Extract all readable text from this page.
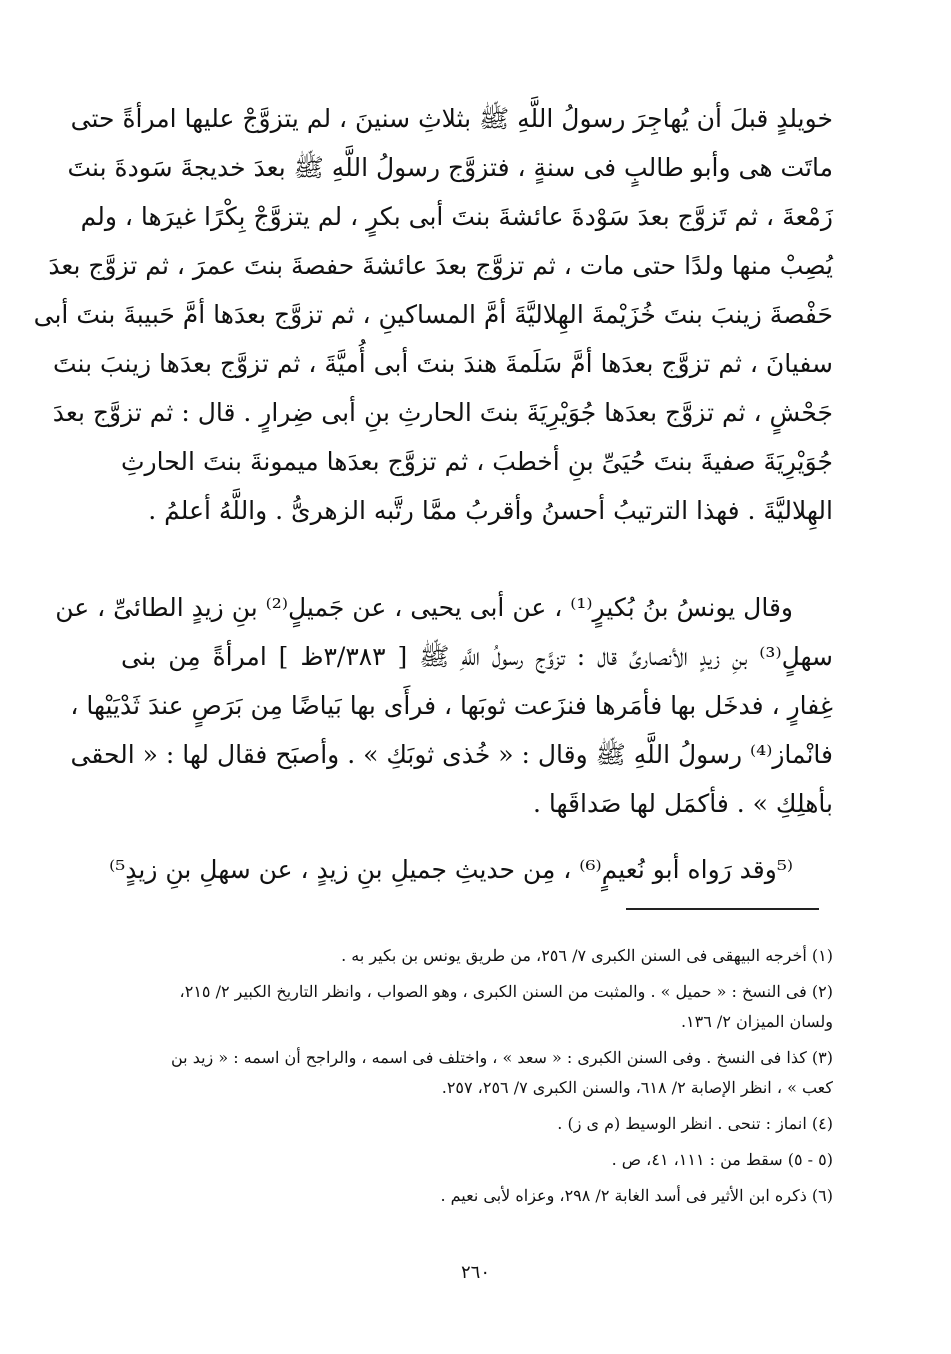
خويلدٍ قبلَ أن يُهاجِرَ رسولُ اللَّهِ ﷺ بثلاثِ سنينَ ، لم يتزوَّجْ عليها امرأةً حتى
ماتَت هى وأبو طالبٍ فى سنةٍ ، فتزوَّج رسولُ اللَّهِ ﷺ بعدَ خديجةَ سَودةَ بنتَ
زَمْعةَ ، ثم تَزوَّج بعدَ سَوْدةَ عائشةَ بنتَ أبى بكرٍ ، لم يتزوَّجْ بِكْرًا غيرَها ، ولم
يُصِبْ منها ولدًا حتى مات ، ثم تزوَّج بعدَ عائشةَ حفصةَ بنتَ عمرَ ، ثم تزوَّج بعدَ
حَفْصةَ زينبَ بنتَ خُزَيْمةَ الهِلاليَّةَ أمَّ المساكينِ ، ثم تزوَّج بعدَها أمَّ حَبيبةَ بنتَ أبى
سفيانَ ، ثم تزوَّج بعدَها أمَّ سَلَمةَ هندَ بنتَ أبى أُميَّةَ ، ثم تزوَّج بعدَها زينبَ بنتَ
جَحْشٍ ، ثم تزوَّج بعدَها جُوَيْرِيَةَ بنتَ الحارثِ بنِ أبى ضِرارٍ . قال : ثم تزوَّج بعدَ
جُوَيْرِيَةَ صفيةَ بنتَ حُيَىِّ بنِ أخطبَ ، ثم تزوَّج بعدَها ميمونةَ بنتَ الحارثِ
الهِلاليَّةَ . فهذا الترتيبُ أحسنُ وأقربُ ممَّا رتَّبه الزهرىُّ . واللَّهُ أعلمُ .
وقال يونسُ بنُ بُكيرٍ⁽¹⁾ ، عن أبى يحيى ، عن جَميلٍ⁽²⁾ بنِ زيدٍ الطائىِّ ، عن
سهلٍ⁽³⁾ بنِ زيدٍ الأنصارىِّ قال : تزوَّج رسولُ اللَّهِ ﷺ [ ٣/٣٨٣ظ ] امرأةً مِن بنى
غِفارٍ ، فدخَل بها فأمَرها فنزَعت ثوبَها ، فرأَى بها بَياضًا مِن بَرَصٍ عندَ ثَدْيَيْها ،
فانْماز⁽⁴⁾ رسولُ اللَّهِ ﷺ وقال : « خُذى ثوبَكِ » . وأصبَح فقال لها : « الحقى
بأهلِكِ » . فأكمَل لها صَداقَها .
⁽⁵وقد رَواه أبو نُعيمٍ⁽⁶⁾ ، مِن حديثِ جميلِ بنِ زيدٍ ، عن سهلِ بنِ زيدٍ⁵⁾
(١) أخرجه البيهقى فى السنن الكبرى ٧/ ٢٥٦، من طريق يونس بن بكير به .
(٢) فى النسخ : « حميل » . والمثبت من السنن الكبرى ، وهو الصواب ، وانظر التاريخ الكبير ٢/ ٢١٥،
ولسان الميزان ٢/ ١٣٦.
(٣) كذا فى النسخ . وفى السنن الكبرى : « سعد » ، واختلف فى اسمه ، والراجح أن اسمه : « زيد بن
كعب » ، انظر الإصابة ٢/ ٦١٨، والسنن الكبرى ٧/ ٢٥٦، ٢٥٧.
(٤) انماز : تنحى . انظر الوسيط (م ى ز) .
(٥ - ٥) سقط من : ١١١، ٤١، ص .
(٦) ذكره ابن الأثير فى أسد الغابة ٢/ ٢٩٨، وعزاه لأبى نعيم .
٢٦٠
